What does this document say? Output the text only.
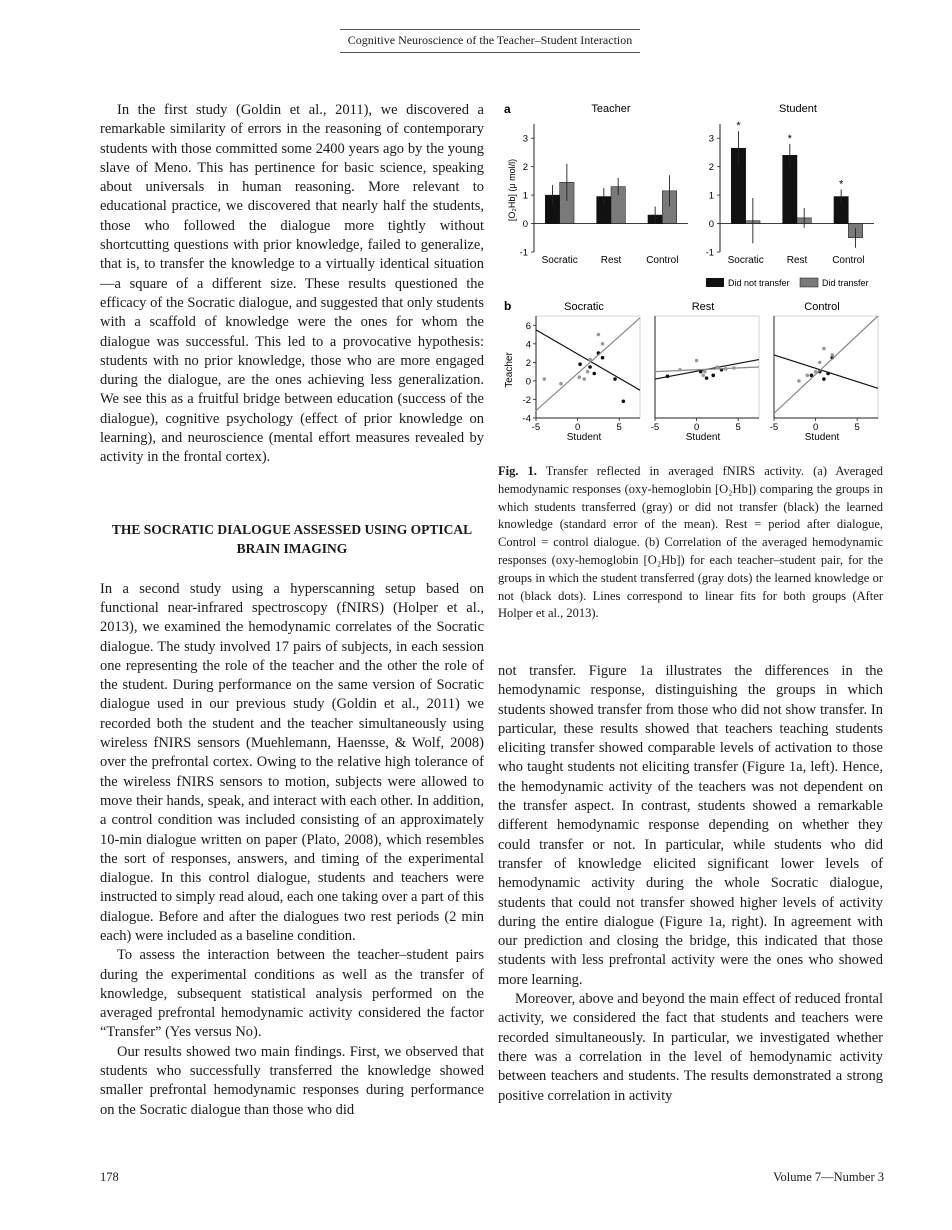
Cognitive Neuroscience of the Teacher–Student Interaction

In the first study (Goldin et al., 2011), we discovered a remarkable similarity of errors in the reasoning of contemporary students with those committed some 2400 years ago by the young slave of Meno. This has pertinence for basic science, speaking about universals in human reasoning. More relevant to educational practice, we discovered that nearly half the students, those who followed the dialogue more tightly without shortcutting questions with prior knowledge, failed to generalize, that is, to transfer the knowledge to a virtually identical situation—a square of a different size. These results questioned the efficacy of the Socratic dialogue, and suggested that only students with a scaffold of knowledge were the ones for whom the dialogue was successful. This led to a provocative hypothesis: students with no prior knowledge, those who are more engaged during the dialogue, are the ones achieving less generalization. We see this as a fruitful bridge between education (success of the dialogue), cognitive psychology (effect of prior knowledge on learning), and neuroscience (mental effort measures revealed by activity in the frontal cortex).

THE SOCRATIC DIALOGUE ASSESSED USING OPTICAL BRAIN IMAGING

In a second study using a hyperscanning setup based on functional near-infrared spectroscopy (fNIRS) (Holper et al., 2013), we examined the hemodynamic correlates of the Socratic dialogue. The study involved 17 pairs of subjects, in each session one representing the role of the teacher and the other the role of the student. During performance on the same version of Socratic dialogue used in our previous study (Goldin et al., 2011) we recorded both the student and the teacher simultaneously using wireless fNIRS sensors (Muehlemann, Haensse, & Wolf, 2008) over the prefrontal cortex. Owing to the relative high tolerance of the wireless fNIRS sensors to motion, subjects were allowed to move their hands, speak, and interact with each other. In addition, a control condition was included consisting of an approximately 10-min dialogue written on paper (Plato, 2008), which resembles the sort of responses, answers, and timing of the experimental dialogue. In this control dialogue, students and teachers were instructed to simply read aloud, each one taking over a part of this dialogue. Before and after the dialogues two rest periods (2 min each) were included as a baseline condition.

To assess the interaction between the teacher–student pairs during the experimental conditions as well as the transfer of knowledge, subsequent statistical analysis performed on the averaged prefrontal hemodynamic activity considered the factor “Transfer” (Yes versus No).

Our results showed two main findings. First, we observed that students who successfully transferred the knowledge showed smaller prefrontal hemodynamic responses during performance on the Socratic dialogue than those who did

a
b
Teacher	Student
[O₂Hb] (μ mol/l)
Did not transfer	Did transfer
Socratic	Rest	Control
Teacher
Student	Student	Student
-1
0
1
2
3
Socratic Rest Control
-1
0
1
2
3
Socratic
*
Rest
*
Control
*
-5	0	5
-4
-2
0
2
4
6
-5	0	5	-5	0	5
Fig. 1. Transfer reflected in averaged fNIRS activity. (a) Averaged hemodynamic responses (oxy-hemoglobin [O₂Hb]) comparing the groups in which students transferred (gray) or did not transfer (black) the learned knowledge (standard error of the mean). Rest = period after dialogue, Control = control dialogue. (b) Correlation of the averaged hemodynamic responses (oxy-hemoglobin [O₂Hb]) for each teacher–student pair, for the groups in which the student transferred (gray dots) the learned knowledge or not (black dots). Lines correspond to linear fits for both groups (After Holper et al., 2013).

not transfer. Figure 1a illustrates the differences in the hemodynamic response, distinguishing the groups in which students showed transfer from those who did not show transfer. In particular, these results showed that teachers teaching students eliciting transfer showed comparable levels of activation to those who taught students not eliciting transfer (Figure 1a, left). Hence, the hemodynamic activity of the teachers was not dependent on the transfer aspect. In contrast, students showed a remarkable different hemodynamic response depending on whether they could transfer or not. In particular, while students who did transfer of knowledge elicited significant lower levels of hemodynamic activity during the whole Socratic dialogue, students that could not transfer showed higher levels of activity during the entire dialogue (Figure 1a, right). In agreement with our prediction and closing the bridge, this indicated that those students with less prefrontal activity were the ones who showed more learning.

Moreover, above and beyond the main effect of reduced frontal activity, we considered the fact that students and teachers were recorded simultaneously. In particular, we investigated whether there was a correlation in the level of hemodynamic activity between teachers and students. The results demonstrated a strong positive correlation in activity

178	Volume 7—Number 3
